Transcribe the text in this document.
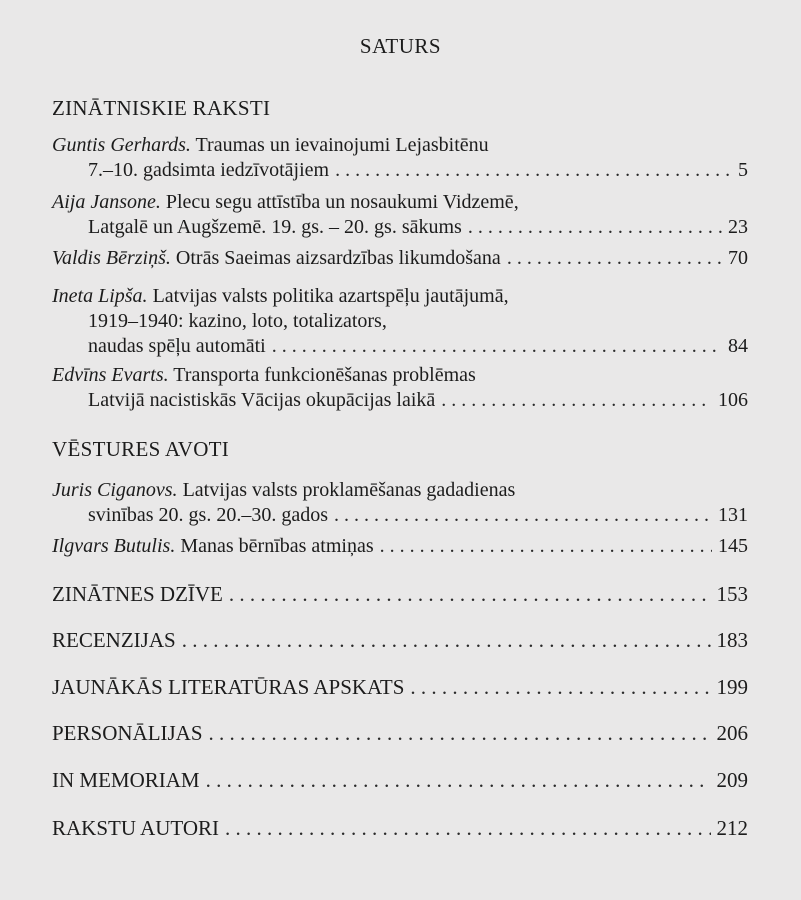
SATURS
ZINĀTNISKIE RAKSTI
Guntis Gerhards. Traumas un ievainojumi Lejasbitēnu
7.–10. gadsimta iedzīvotājiem . . .	5
Aija Jansone. Plecu segu attīstība un nosaukumi Vidzemē,
Latgalē un Augšzemē. 19. gs. – 20. gs. sākums . . .	23
Valdis Bērziņš. Otrās Saeimas aizsardzības likumdošana . . .	70
Ineta Lipša. Latvijas valsts politika azartspēļu jautājumā,
1919–1940: kazino, loto, totalizators,
naudas spēļu automāti . . .	84
Edvīns Evarts. Transporta funkcionēšanas problēmas
Latvijā nacistiskās Vācijas okupācijas laikā . . .	106
VĒSTURES AVOTI
Juris Ciganovs. Latvijas valsts proklamēšanas gadadienas
svinības 20. gs. 20.–30. gados . . .	131
Ilgvars Butulis. Manas bērnības atmiņas . . .	145
ZINĀTNES DZĪVE . . .	153
RECENZIJAS . . .	183
JAUNĀKĀS LITERATŪRAS APSKATS . . .	199
PERSONĀLIJAS . . .	206
IN MEMORIAM . . .	209
RAKSTU AUTORI . . .	212
